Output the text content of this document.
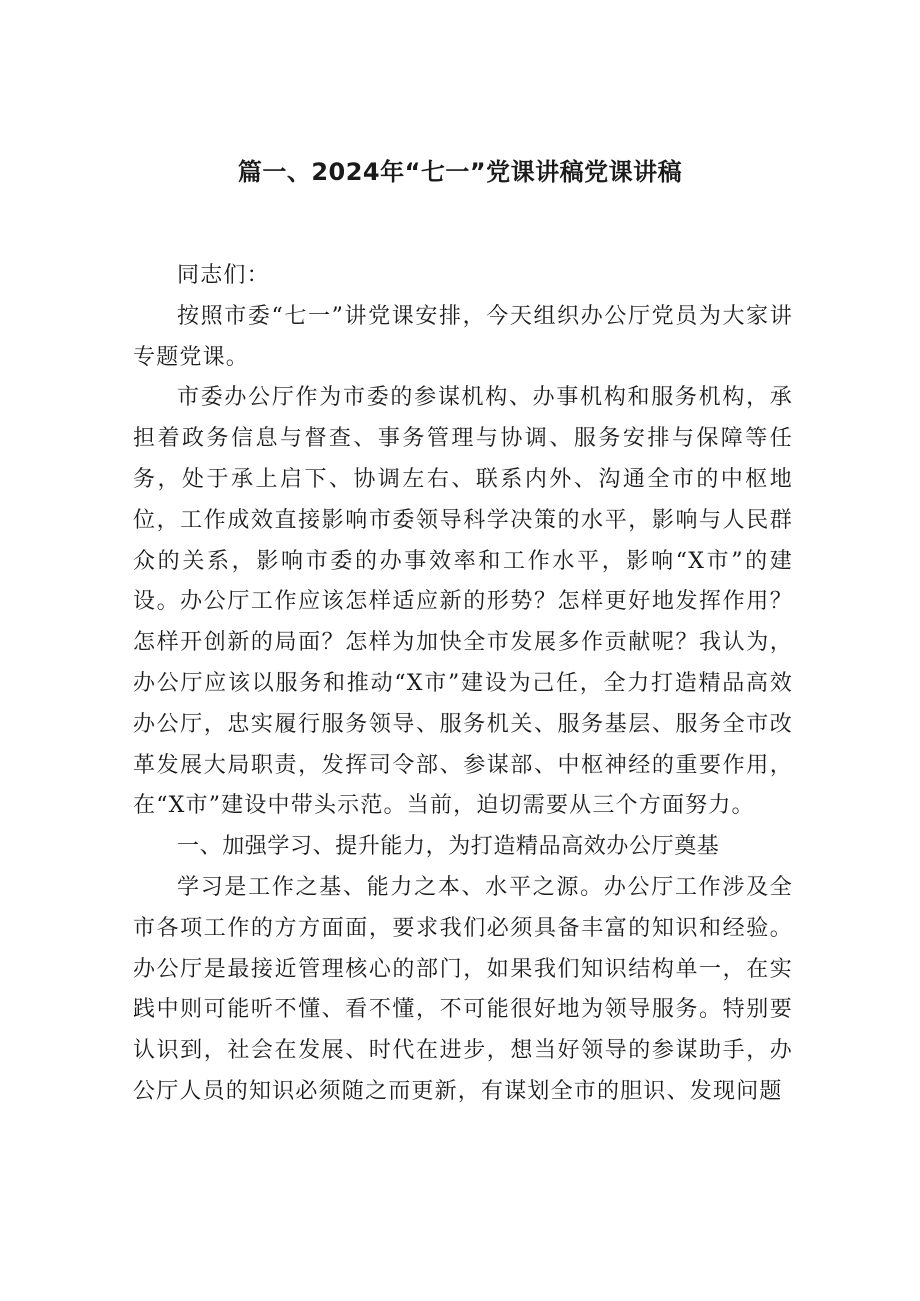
篇一、2024年“七一”党课讲稿党课讲稿

同志们：

按照市委“七一”讲党课安排，今天组织办公厅党员为大家讲专题党课。

市委办公厅作为市委的参谋机构、办事机构和服务机构，承担着政务信息与督查、事务管理与协调、服务安排与保障等任务，处于承上启下、协调左右、联系内外、沟通全市的中枢地位，工作成效直接影响市委领导科学决策的水平，影响与人民群众的关系，影响市委的办事效率和工作水平，影响“X市”的建设。办公厅工作应该怎样适应新的形势？怎样更好地发挥作用？怎样开创新的局面？怎样为加快全市发展多作贡献呢？我认为，办公厅应该以服务和推动“X市”建设为己任，全力打造精品高效办公厅，忠实履行服务领导、服务机关、服务基层、服务全市改革发展大局职责，发挥司令部、参谋部、中枢神经的重要作用，在“X市”建设中带头示范。当前，迫切需要从三个方面努力。

一、加强学习、提升能力，为打造精品高效办公厅奠基

学习是工作之基、能力之本、水平之源。办公厅工作涉及全市各项工作的方方面面，要求我们必须具备丰富的知识和经验。办公厅是最接近管理核心的部门，如果我们知识结构单一，在实践中则可能听不懂、看不懂，不可能很好地为领导服务。特别要认识到，社会在发展、时代在进步，想当好领导的参谋助手，办公厅人员的知识必须随之而更新，有谋划全市的胆识、发现问题
